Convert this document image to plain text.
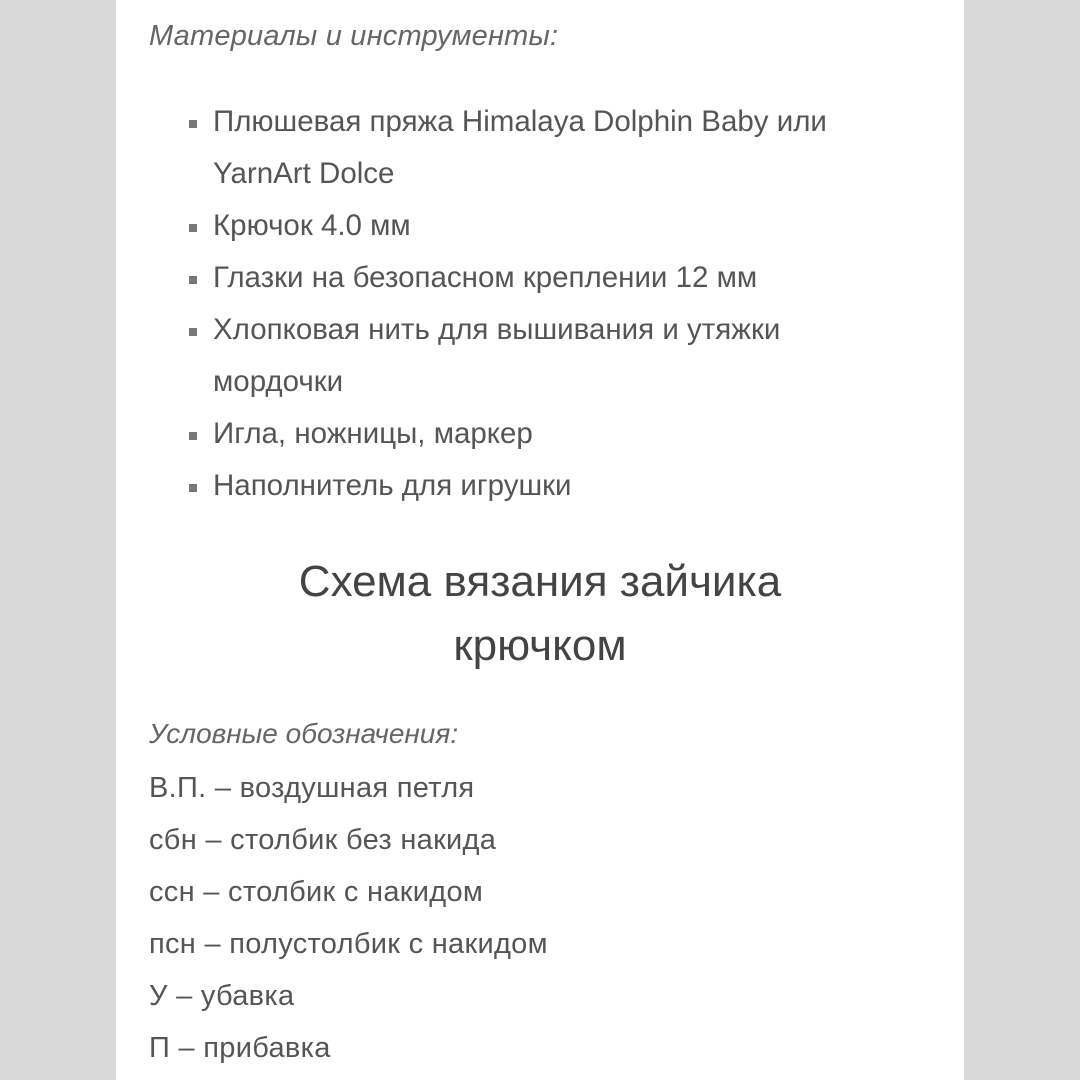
Материалы и инструменты:
Плюшевая пряжа Himalaya Dolphin Baby или YarnArt Dolce
Крючок 4.0 мм
Глазки на безопасном креплении 12 мм
Хлопковая нить для вышивания и утяжки мордочки
Игла, ножницы, маркер
Наполнитель для игрушки
Схема вязания зайчика
крючком
Условные обозначения:
В.П. – воздушная петля
сбн – столбик без накида
ссн – столбик с накидом
псн – полустолбик с накидом
У – убавка
П – прибавка
